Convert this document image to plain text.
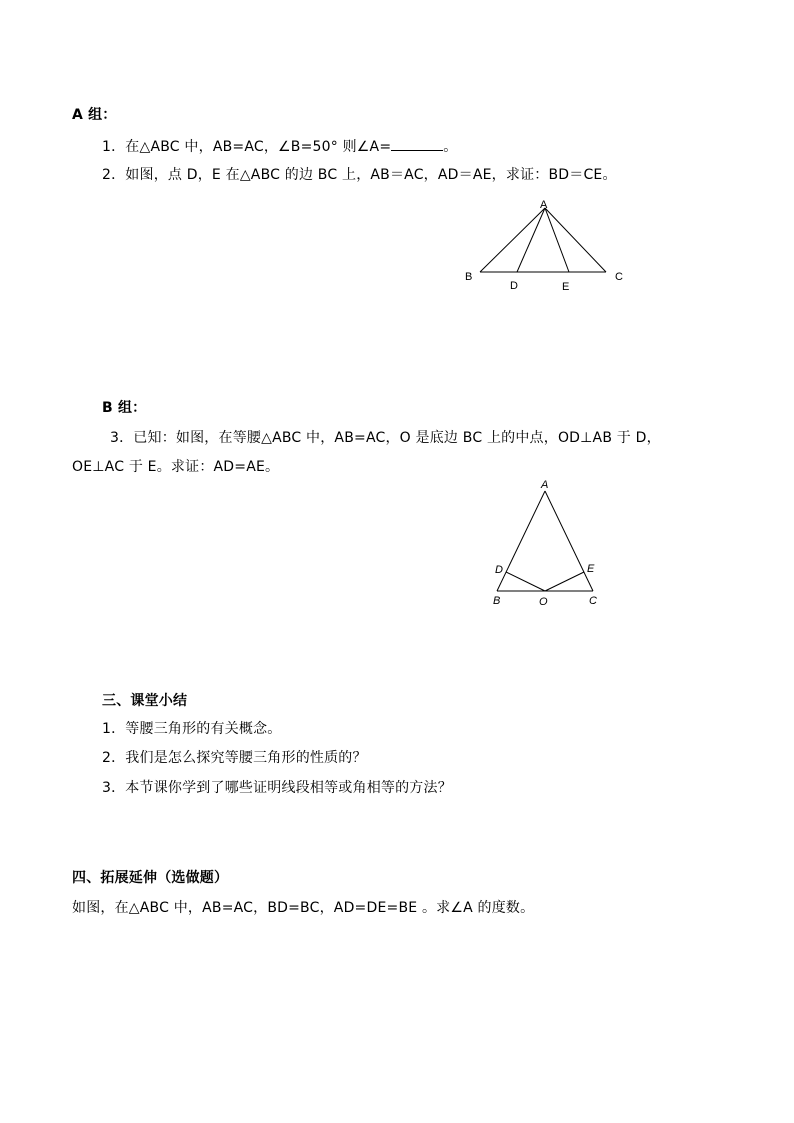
A 组：
1．在△ABC 中，AB=AC，∠B=50° 则∠A=	。
2．如图，点 D，E 在△ABC 的边 BC 上，AB＝AC，AD＝AE，求证：BD＝CE。
A
B	C
D	E
B 组：
3．已知：如图，在等腰△ABC 中，AB=AC，O 是底边 BC 上的中点，OD⊥AB 于 D，
OE⊥AC 于 E。求证：AD=AE。
A
B	C
D	E
O
三、课堂小结
1．等腰三角形的有关概念。
2．我们是怎么探究等腰三角形的性质的？
3．本节课你学到了哪些证明线段相等或角相等的方法？
四、拓展延伸（选做题）
如图，在△ABC 中，AB=AC，BD=BC，AD=DE=BE 。求∠A 的度数。
